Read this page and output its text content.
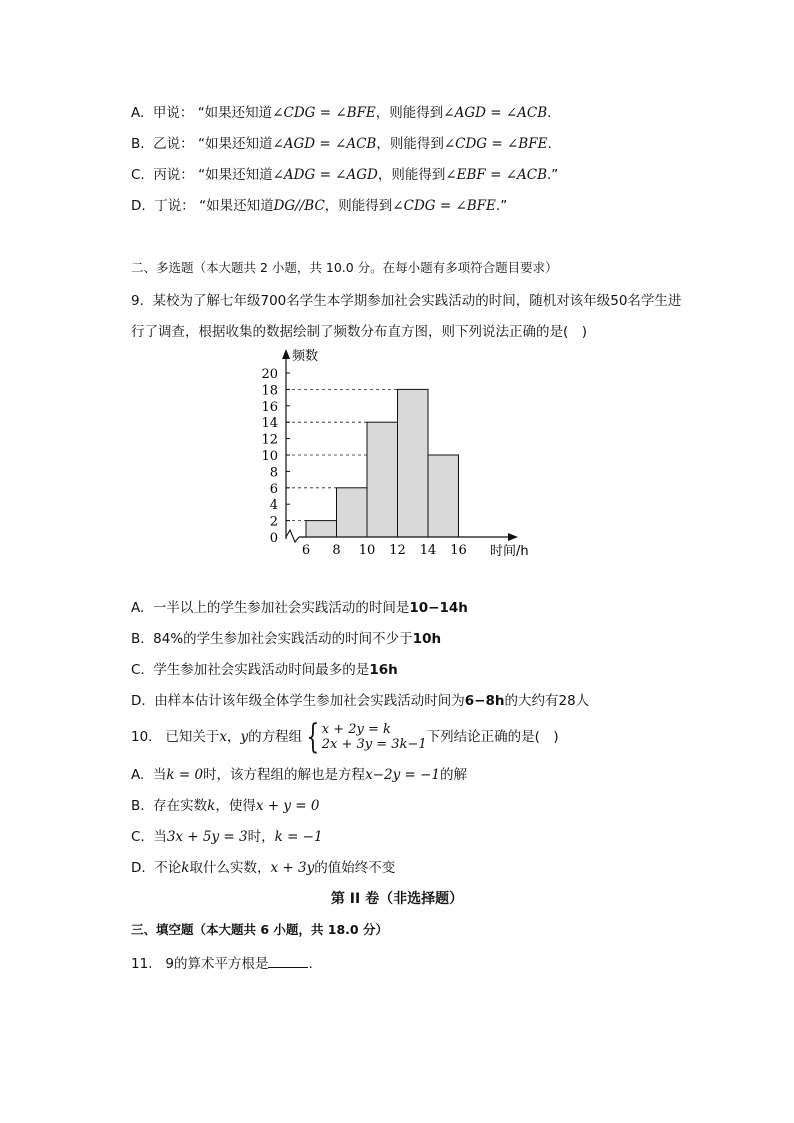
A. 甲说： “如果还知道∠CDG = ∠BFE，则能得到∠AGD = ∠ACB.
B. 乙说： “如果还知道∠AGD = ∠ACB，则能得到∠CDG = ∠BFE.
C. 丙说： “如果还知道∠ADG = ∠AGD，则能得到∠EBF = ∠ACB.”
D. 丁说： “如果还知道DG//BC，则能得到∠CDG = ∠BFE.”
二、多选题（本大题共 2 小题，共 10.0 分。在每小题有多项符合题目要求）
9. 某校为了解七年级700名学生本学期参加社会实践活动的时间，随机对该年级50名学生进
行了调查，根据收集的数据绘制了频数分布直方图，则下列说法正确的是(　)
0
2
4
6
8
10
12
14
16
18
20
6 8 10 12 14 16
频数
时间/h
A. 一半以上的学生参加社会实践活动的时间是10−14h
B. 84%的学生参加社会实践活动的时间不少于10h
C. 学生参加社会实践活动时间最多的是16h
D. 由样本估计该年级全体学生参加社会实践活动时间为6−8h的大约有28人
10. 已知关于x，y的方程组 { x + 2y = k
2x + 3y = 3k−1下列结论正确的是(　)
A. 当k = 0时，该方程组的解也是方程x−2y = −1的解
B. 存在实数k，使得x + y = 0
C. 当3x + 5y = 3时，k = −1
D. 不论k取什么实数，x + 3y的值始终不变
第 II 卷（非选择题）
三、填空题（本大题共 6 小题，共 18.0 分）
11. 9的算术平方根是	.
